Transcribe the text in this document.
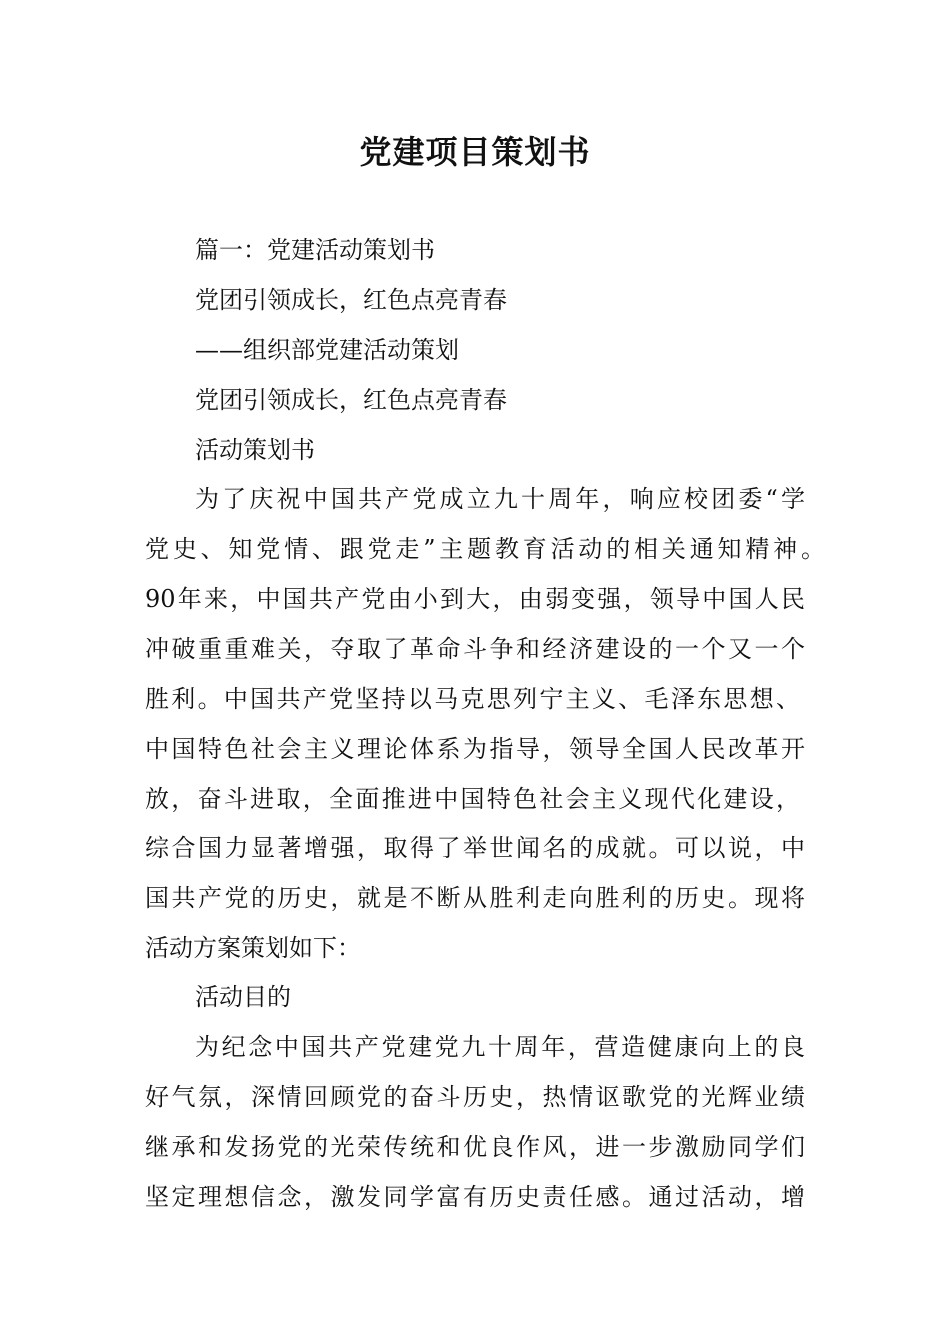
党建项目策划书
篇一：党建活动策划书
党团引领成长，红色点亮青春
——组织部党建活动策划
党团引领成长，红色点亮青春
活动策划书
为了庆祝中国共产党成立九十周年，响应校团委“学
党史、知党情、跟党走”主题教育活动的相关通知精神。
90年来，中国共产党由小到大，由弱变强，领导中国人民
冲破重重难关，夺取了革命斗争和经济建设的一个又一个
胜利。中国共产党坚持以马克思列宁主义、毛泽东思想、
中国特色社会主义理论体系为指导，领导全国人民改革开
放，奋斗进取，全面推进中国特色社会主义现代化建设，
综合国力显著增强，取得了举世闻名的成就。可以说，中
国共产党的历史，就是不断从胜利走向胜利的历史。现将
活动方案策划如下：
活动目的
为纪念中国共产党建党九十周年，营造健康向上的良
好气氛，深情回顾党的奋斗历史，热情讴歌党的光辉业绩
继承和发扬党的光荣传统和优良作风，进一步激励同学们
坚定理想信念，激发同学富有历史责任感。通过活动，增
